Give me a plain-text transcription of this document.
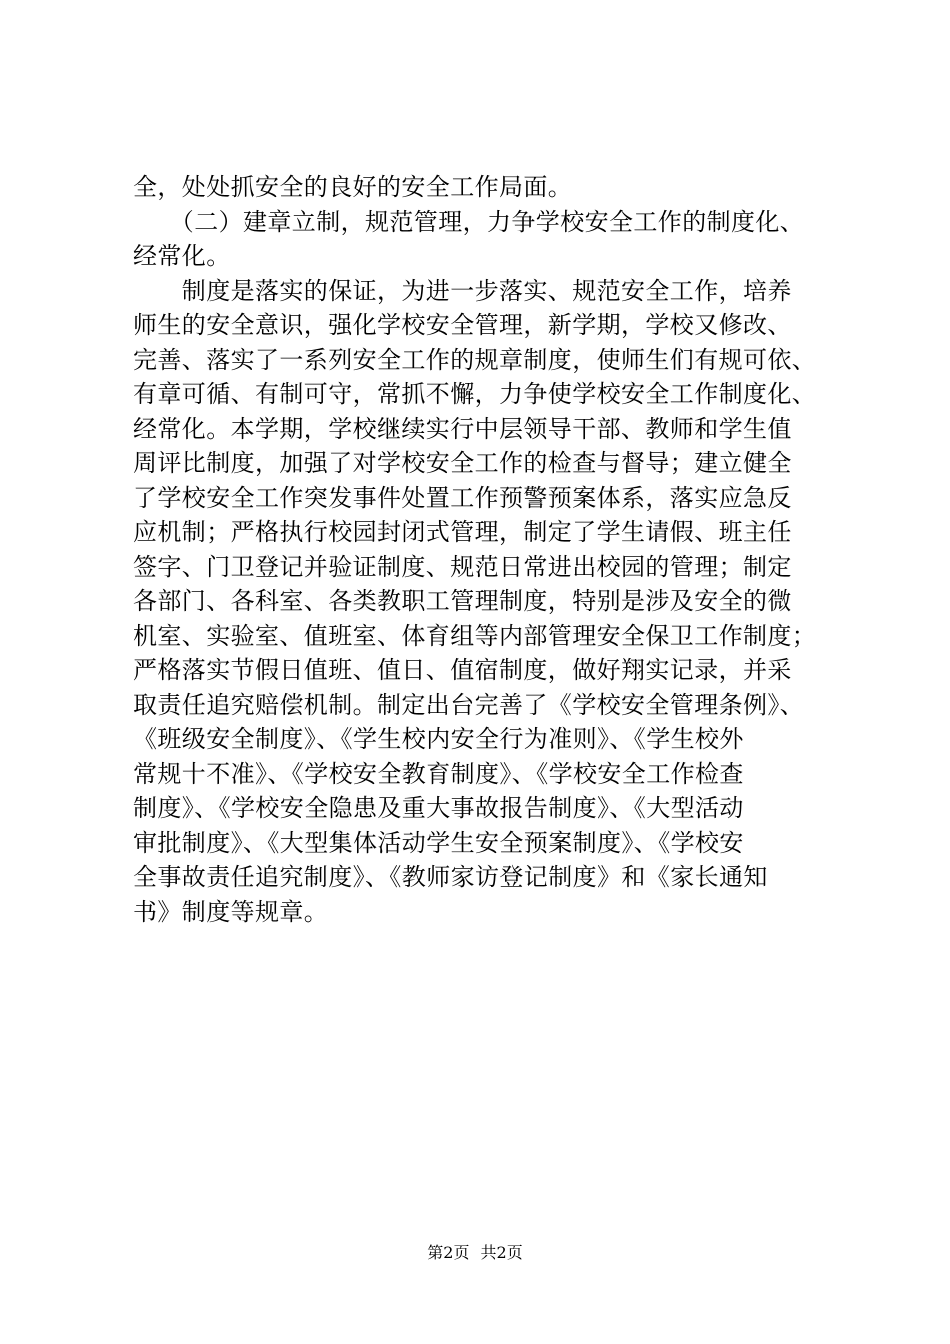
全，处处抓安全的良好的安全工作局面。
　　（二）建章立制，规范管理，力争学校安全工作的制度化、
经常化。
　　制度是落实的保证，为进一步落实、规范安全工作，培养
师生的安全意识，强化学校安全管理，新学期，学校又修改、
完善、落实了一系列安全工作的规章制度，使师生们有规可依、
有章可循、有制可守，常抓不懈，力争使学校安全工作制度化、
经常化。本学期，学校继续实行中层领导干部、教师和学生值
周评比制度，加强了对学校安全工作的检查与督导；建立健全
了学校安全工作突发事件处置工作预警预案体系，落实应急反
应机制；严格执行校园封闭式管理，制定了学生请假、班主任
签字、门卫登记并验证制度、规范日常进出校园的管理；制定
各部门、各科室、各类教职工管理制度，特别是涉及安全的微
机室、实验室、值班室、体育组等内部管理安全保卫工作制度；
严格落实节假日值班、值日、值宿制度，做好翔实记录，并采
取责任追究赔偿机制。制定出台完善了《学校安全管理条例》、
《班级安全制度》、《学生校内安全行为准则》、《学生校外
常规十不准》、《学校安全教育制度》、《学校安全工作检查
制度》、《学校安全隐患及重大事故报告制度》、《大型活动
审批制度》、《大型集体活动学生安全预案制度》、《学校安
全事故责任追究制度》、《教师家访登记制度》和《家长通知
书》制度等规章。
第2页 共2页
